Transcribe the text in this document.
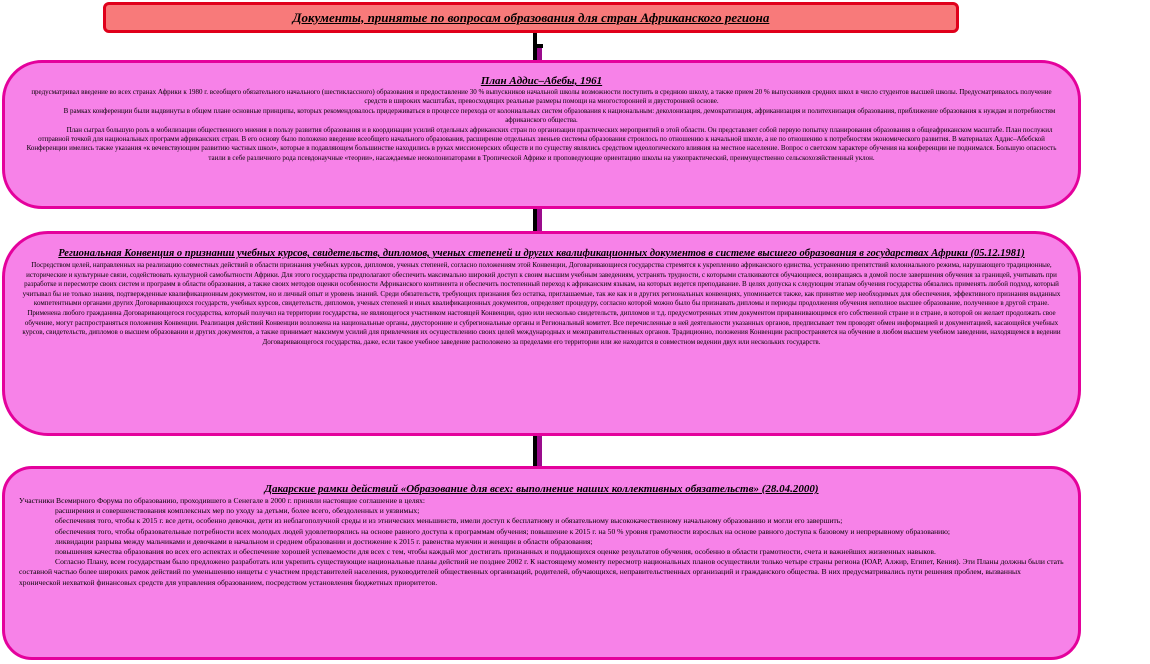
Документы, принятые по вопросам образования для стран Африканского региона

План Аддис–Абебы, 1961

предусматривал введение во всех странах Африки к 1980 г. всеобщего обязательного начального (шестиклассного) образования и предоставление 30 % выпускников начальной школы возможности поступить в среднюю школу, а также прием 20 % выпускников средних школ в число студентов высшей школы. Предусматривалось получение средств в широких масштабах, превосходящих реальные размеры помощи на многосторонней и двусторонней основе.

В рамках конференции были выдвинуты в общем плане основные принципы, которых рекомендовалось придерживаться в процессе перехода от колониальных систем образования к национальным: деколонизация, демократизация, африканизация и политехнизация образования, приближение образования к нуждам и потребностям африканского общества.

План сыграл большую роль в мобилизации общественного мнения в пользу развития образования и в координации усилий отдельных африканских стран по организации практических мероприятий в этой области. Он представляет собой первую попытку планирования образования в общеафриканском масштабе. План послужил отправной точкой для национальных программ африканских стран. В его основу было положено введение всеобщего начального образования, расширение отдельных звеньев системы образования строилось по отношению к начальной школе, а не по отношению к потребностям экономического развития. В материалах Аддис–Абебской Конференции имелись также указания «к вечевствующим развитию частных школ», которые в подавляющем большинстве находились в руках миссионерских обществ и по существу являлись средством идеологического влияния на местное население. Вопрос о светском характере обучения на конференции не поднимался. Большую опасность таили в себе различного рода псевдонаучные «теории», насаждаемые неоколонизаторами в Тропической Африке и проповедующие ориентацию школы на узкопрактический, преимущественно сельскохозяйственный уклон.

Региональная Конвенция о признании учебных курсов, свидетельств, дипломов, ученых степеней и других квалификационных документов в системе высшего образования в государствах Африки (05.12.1981)

Посредством целей, направленных на реализацию совместных действий в области признания учебных курсов, дипломов, ученых степеней, согласно положениям этой Конвенции, Договаривающиеся государства стремятся к укреплению африканского единства, устранению препятствий колониального режима, нарушающего традиционные, исторические и культурные связи, содействовать культурной самобытности Африки. Для этого государства предполагают обеспечить максимально широкий доступ к своим высшим учебным заведениям, устранять трудности, с которыми сталкиваются обучающиеся, возвращаясь в домой после завершения обучения за границей, учитывать при разработке и пересмотре своих систем и программ в области образования, а также своих методов оценки особенности Африканского континента и обеспечить постепенный переход к африканским языкам, на которых ведется преподавание. В целях допуска к следующим этапам обучения государства обязались применять любой подход, который учитывал бы не только знания, подтвержденные квалификационным документом, но и личный опыт и уровень знаний. Среди обязательств, требующих признания без остатка, приглашаемые, так же как и в других региональных конвенциях, упоминается также, как принятие мер необходимых для обеспечения, эффективного признания выданных компетентными органами других Договаривающихся государств, учебных курсов, свидетельств, дипломов, ученых степеней и иных квалификационных документов, определяет процедуру, согласно которой можно было бы признавать дипломы и периоды продолжения обучения неполное высшее образование, полученное в другой стране. Применена любого гражданина Договаривающегося государства, который получил на территории государства, не являющегося участником настоящей Конвенции, одно или несколько свидетельств, дипломов и т.д. предусмотренных этим документом приравнивающимся его собственной стране и в стране, в которой он желает продолжать свое обучение, могут распространяться положения Конвенции. Реализация действий Конвенции возложена на национальные органы, двусторонние и субрегиональные органы и Региональный комитет. Все перечисленные в ней деятельности указанных органов, предписывает тем проводят обмен информацией и документацией, касающейся учебных курсов, свидетельств, дипломов о высшем образовании и других документов, а также принимает максимум усилий для привлечения их осуществлению своих целей международных и межправительственных органов. Традиционно, положения Конвенции распространяется на обучение в любом высшем учебном заведении, находящемся в ведении Договаривающегося государства, даже, если такое учебное заведение расположено за пределами его территории или же находится в совместном ведении двух или нескольких государств.

Дакарские рамки действий «Образование для всех: выполнение наших коллективных обязательств» (28.04.2000)

Участники Всемирного Форума по образованию, проходившего в Сенегале в 2000 г. приняли настоящие соглашение в целях:

расширения и совершенствования комплексных мер по уходу за детьми, более всего, обездоленных и уязвимых;

обеспечения того, чтобы к 2015 г. все дети, особенно девочки, дети из неблагополучной среды и из этнических меньшинств, имели доступ к бесплатному и обязательному высококачественному начальному образованию и могли его завершить;

обеспечения того, чтобы образовательные потребности всех молодых людей удовлетворялись на основе равного доступа к программам обучения; повышение к 2015 г. на 50 % уровня грамотности взрослых на основе равного доступа к базовому и непрерывному образованию;

ликвидации разрыва между мальчиками и девочками в начальном и среднем образовании и достижение к 2015 г. равенства мужчин и женщин в области образования;

повышения качества образования во всех его аспектах и обеспечение хорошей успеваемости для всех с тем, чтобы каждый мог достигать признанных и поддающихся оценке результатов обучения, особенно в области грамотности, счета и важнейших жизненных навыков.

Согласно Плану, всем государствам было предложено разработать или укрепить существующие национальные планы действий не позднее 2002 г. К настоящему моменту пересмотр национальных планов осуществили только четыре страны региона (ЮАР, Алжир, Египет, Кения). Эти Планы должны были стать составной частью более широких рамок действий по уменьшению нищеты с участием представителей населения, руководителей общественных организаций, родителей, обучающихся, неправительственных организаций и гражданского общества. В них предусматривались пути решения проблем, вызванных хронической нехваткой финансовых средств для управления образованием, посредством установления бюджетных приоритетов.
